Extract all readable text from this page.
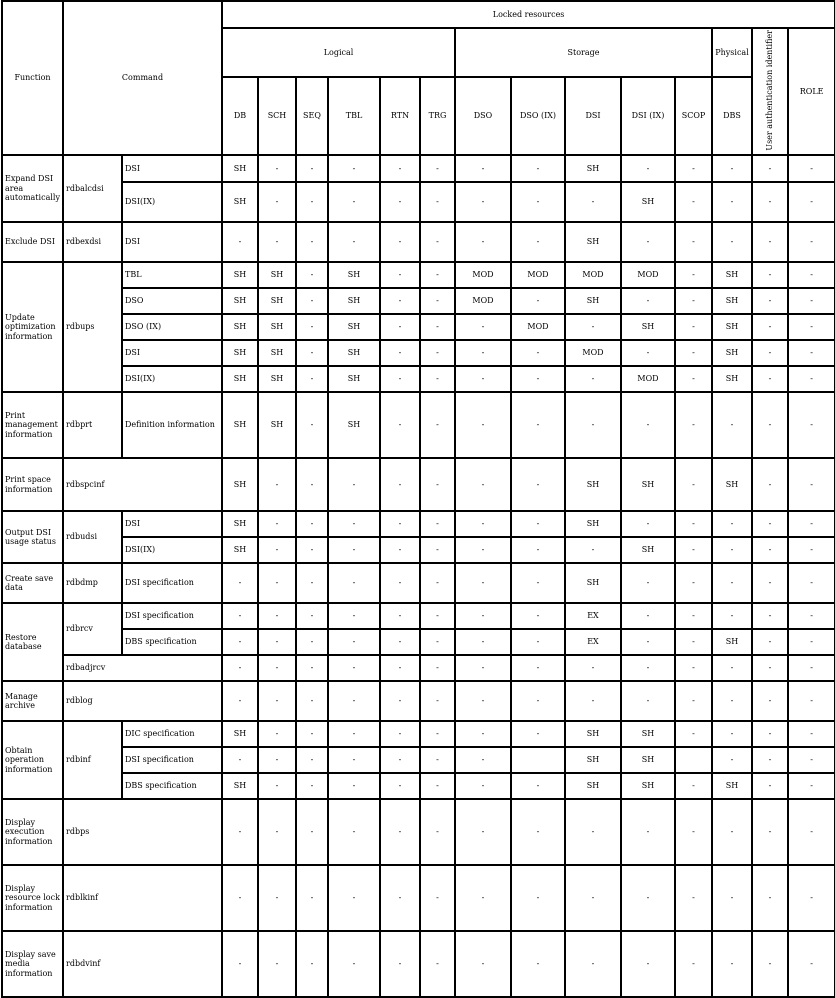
Function	Command		Locked resources													
			Logical						Storage					Physical	User authentication identifier	ROLE
			DB	SCH	SEQ	TBL	RTN	TRG	DSO	DSO (IX)	DSI	DSI (IX)	SCOP	DBS		
Expand DSI area automatically	rdbalcdsi	DSI	SH	-	-	-	-	-	-	-	SH	-	-	-	-	-
		DSI(IX)	SH	-	-	-	-	-	-	-	-	SH	-	-	-	-
Exclude DSI	rdbexdsi	DSI	-	-	-	-	-	-	-	-	SH	-	-	-	-	-
Update optimization information	rdbups	TBL	SH	SH	-	SH	-	-	MOD	MOD	MOD	MOD	-	SH	-	-
		DSO	SH	SH	-	SH	-	-	MOD	-	SH	-	-	SH	-	-
		DSO (IX)	SH	SH	-	SH	-	-	-	MOD	-	SH	-	SH	-	-
		DSI	SH	SH	-	SH	-	-	-	-	MOD	-	-	SH	-	-
		DSI(IX)	SH	SH	-	SH	-	-	-	-	-	MOD	-	SH	-	-
Print management information	rdbprt	Definition information	SH	SH	-	SH	-	-	-	-	-	-	-	-	-	-
Print space information	rdbspcinf		SH	-	-	-	-	-	-	-	SH	SH	-	SH	-	-
Output DSI usage status	rdbudsi	DSI	SH	-	-	-	-	-	-	-	SH	-	-	-	-	-
		DSI(IX)	SH	-	-	-	-	-	-	-	-	SH	-	-	-	-
Create save data	rdbdmp	DSI specification	-	-	-	-	-	-	-	-	SH	-	-	-	-	-
Restore database	rdbrcv	DSI specification	-	-	-	-	-	-	-	-	EX	-	-	-	-	-
		DBS specification	-	-	-	-	-	-	-	-	EX	-	-	SH	-	-
	rdbadjrcv		-	-	-	-	-	-	-	-	-	-	-	-	-	-
Manage archive	rdblog		-	-	-	-	-	-	-	-	-	-	-	-	-	-
Obtain operation information	rdbinf	DIC specification	SH	-	-	-	-	-	-	-	SH	SH	-	-	-	-
		DSI specification	-	-	-	-	-	-	-		SH	SH		-	-	-
		DBS specification	SH	-	-	-	-	-	-	-	SH	SH	-	SH	-	-
Display execution information	rdbps		-	-	-	-	-	-	-	-	-	-	-	-	-	-
Display resource lock information	rdblkinf		-	-	-	-	-	-	-	-	-	-	-	-	-	-
Display save media information	rdbdvinf		-	-	-	-	-	-	-	-	-	-	-	-	-	-
